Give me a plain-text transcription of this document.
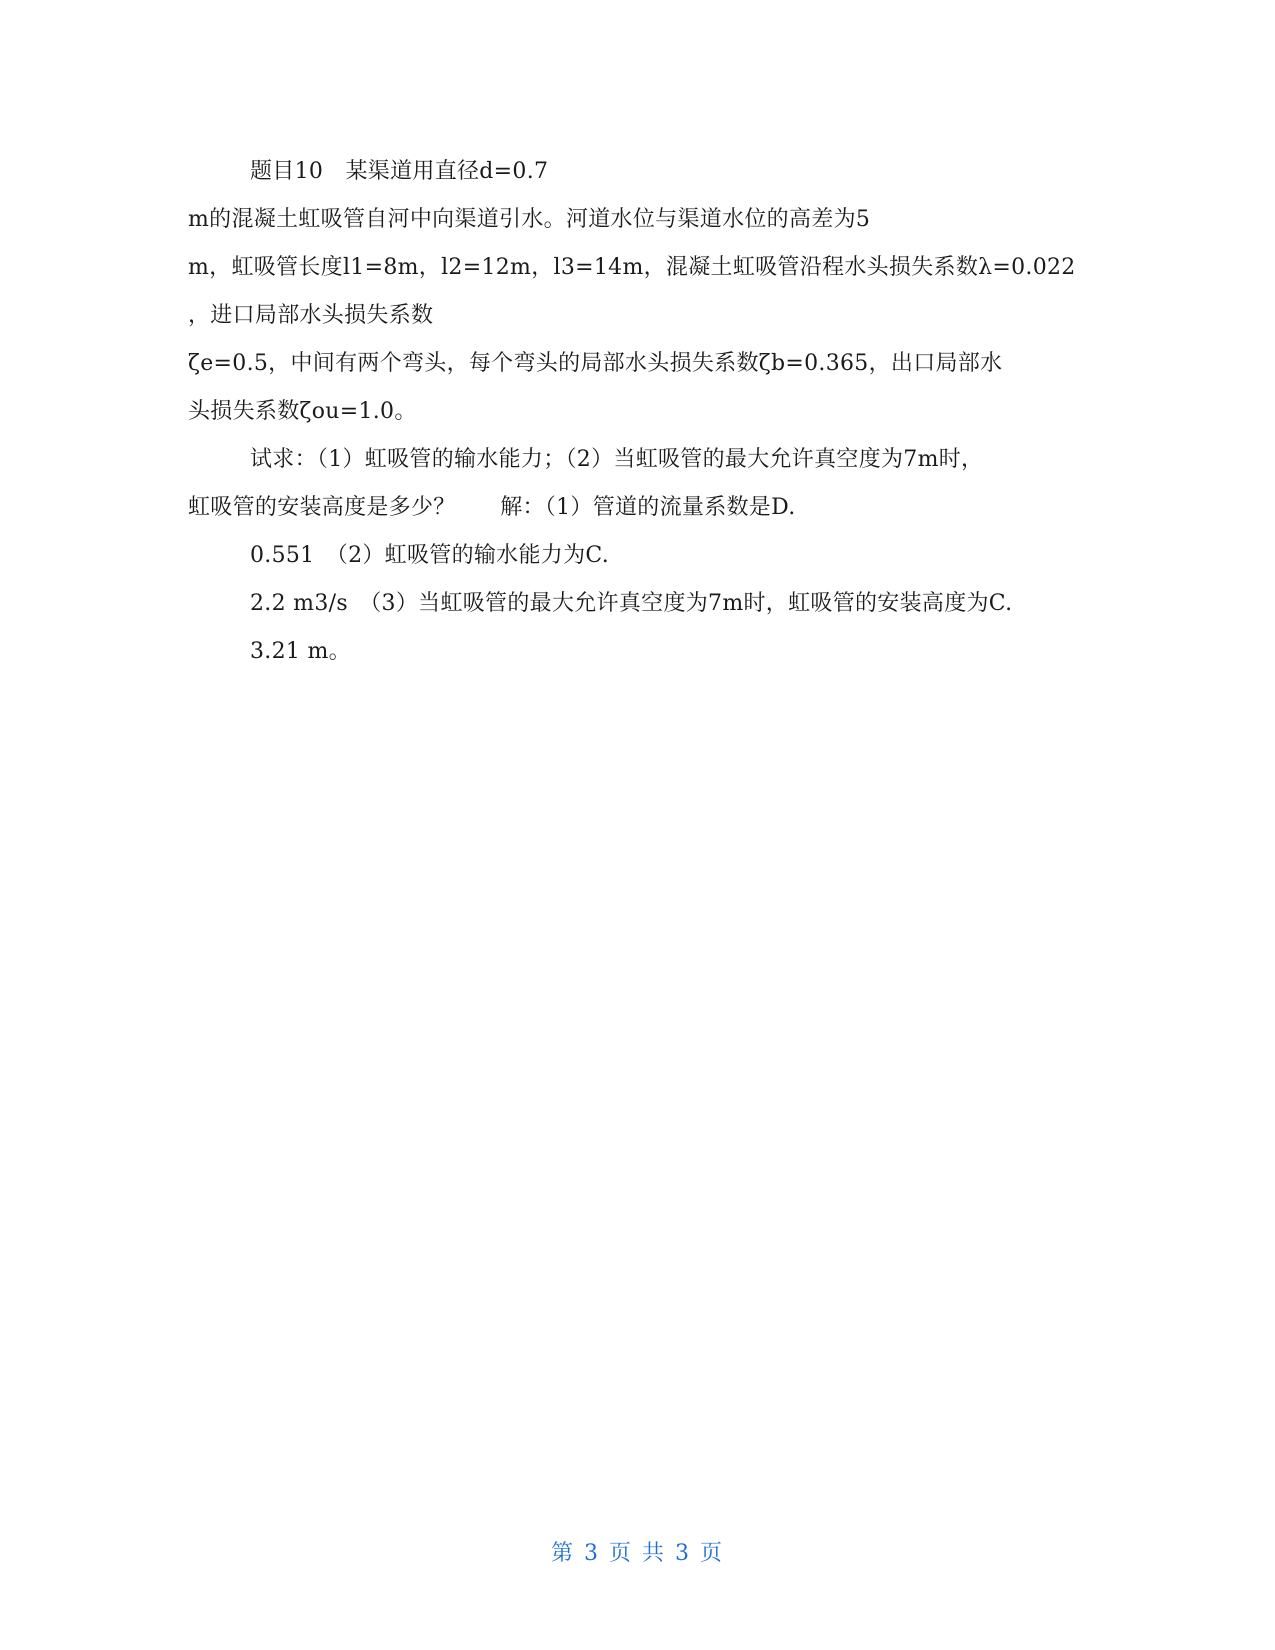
题目10　某渠道用直径d=0.7
m的混凝土虹吸管自河中向渠道引水。河道水位与渠道水位的高差为5
m，虹吸管长度l1=8m，l2=12m，l3=14m，混凝土虹吸管沿程水头损失系数λ=0.022
，进口局部水头损失系数
ζe=0.5，中间有两个弯头，每个弯头的局部水头损失系数ζb=0.365，出口局部水
头损失系数ζou=1.0。
试求：（1）虹吸管的输水能力；（2）当虹吸管的最大允许真空度为7m时，
虹吸管的安装高度是多少？　　解：（1）管道的流量系数是D.
0.551　（2）虹吸管的输水能力为C.
2.2 m3/s　（3）当虹吸管的最大允许真空度为7m时，虹吸管的安装高度为C.
3.21 m。
第 3 页 共 3 页
